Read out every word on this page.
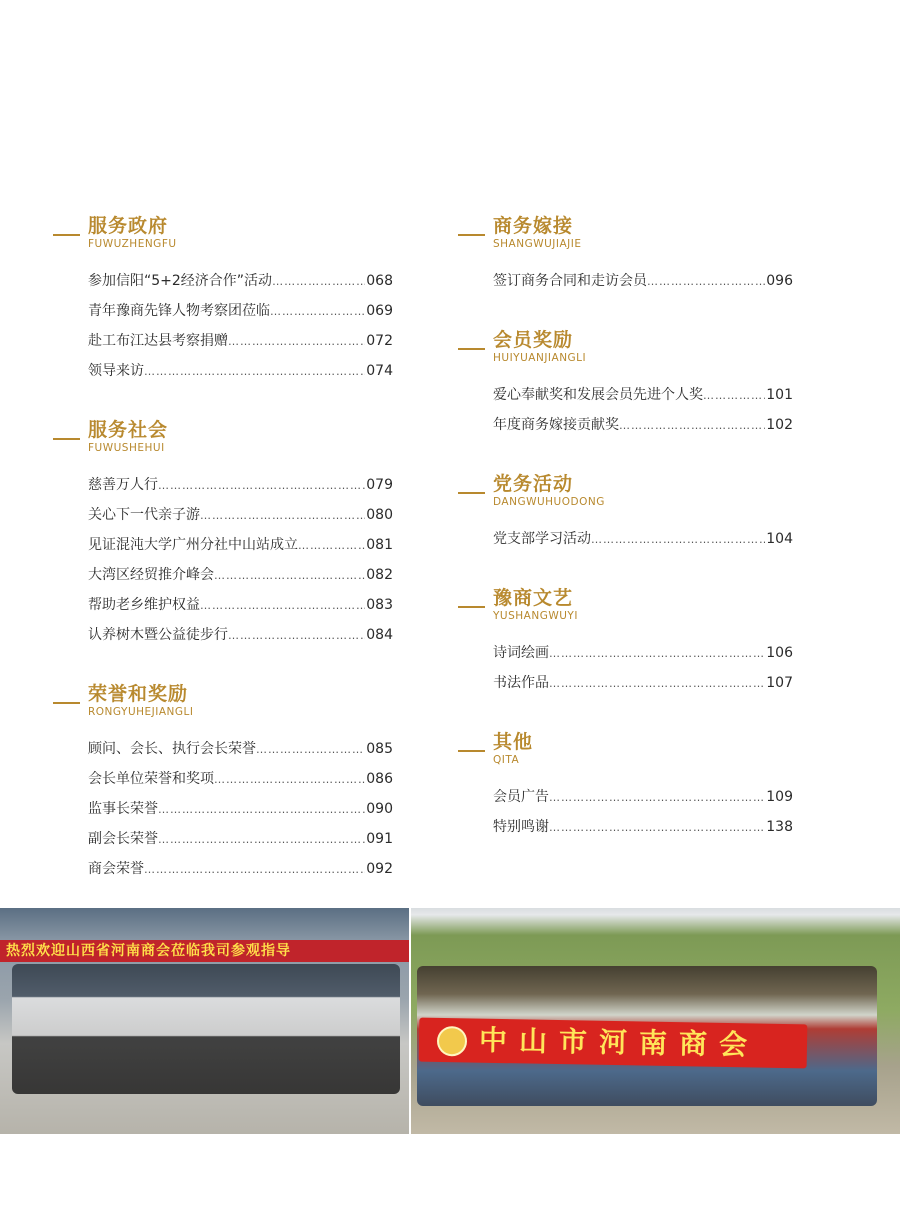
服务政府
FUWUZHENGFU
参加信阳“5+2经济合作”活动 …………………………………………………………………………………………………………	068
青年豫商先锋人物考察团莅临 …………………………………………………………………………………………………………	069
赴工布江达县考察捐赠 …………………………………………………………………………………………………………	072
领导来访 …………………………………………………………………………………………………………	074
服务社会
FUWUSHEHUI
慈善万人行 …………………………………………………………………………………………………………	079
关心下一代亲子游 …………………………………………………………………………………………………………	080
见证混沌大学广州分社中山站成立 …………………………………………………………………………………………………………	081
大湾区经贸推介峰会 …………………………………………………………………………………………………………	082
帮助老乡维护权益 …………………………………………………………………………………………………………	083
认养树木暨公益徒步行 …………………………………………………………………………………………………………	084
荣誉和奖励
RONGYUHEJIANGLI
顾问、会长、执行会长荣誉 …………………………………………………………………………………………………………	085
会长单位荣誉和奖项 …………………………………………………………………………………………………………	086
监事长荣誉 …………………………………………………………………………………………………………	090
副会长荣誉 …………………………………………………………………………………………………………	091
商会荣誉 …………………………………………………………………………………………………………	092
商务嫁接
SHANGWUJIAJIE
签订商务合同和走访会员 …………………………………………………………………………………………………………	096
会员奖励
HUIYUANJIANGLI
爱心奉献奖和发展会员先进个人奖 …………………………………………………………………………………………………………	101
年度商务嫁接贡献奖 …………………………………………………………………………………………………………	102
党务活动
DANGWUHUODONG
党支部学习活动 …………………………………………………………………………………………………………	104
豫商文艺
YUSHANGWUYI
诗词绘画 …………………………………………………………………………………………………………	106
书法作品 …………………………………………………………………………………………………………	107
其他
QITA
会员广告 …………………………………………………………………………………………………………	109
特别鸣谢 …………………………………………………………………………………………………………	138
热烈欢迎山西省河南商会莅临我司参观指导
中山市河南商会
